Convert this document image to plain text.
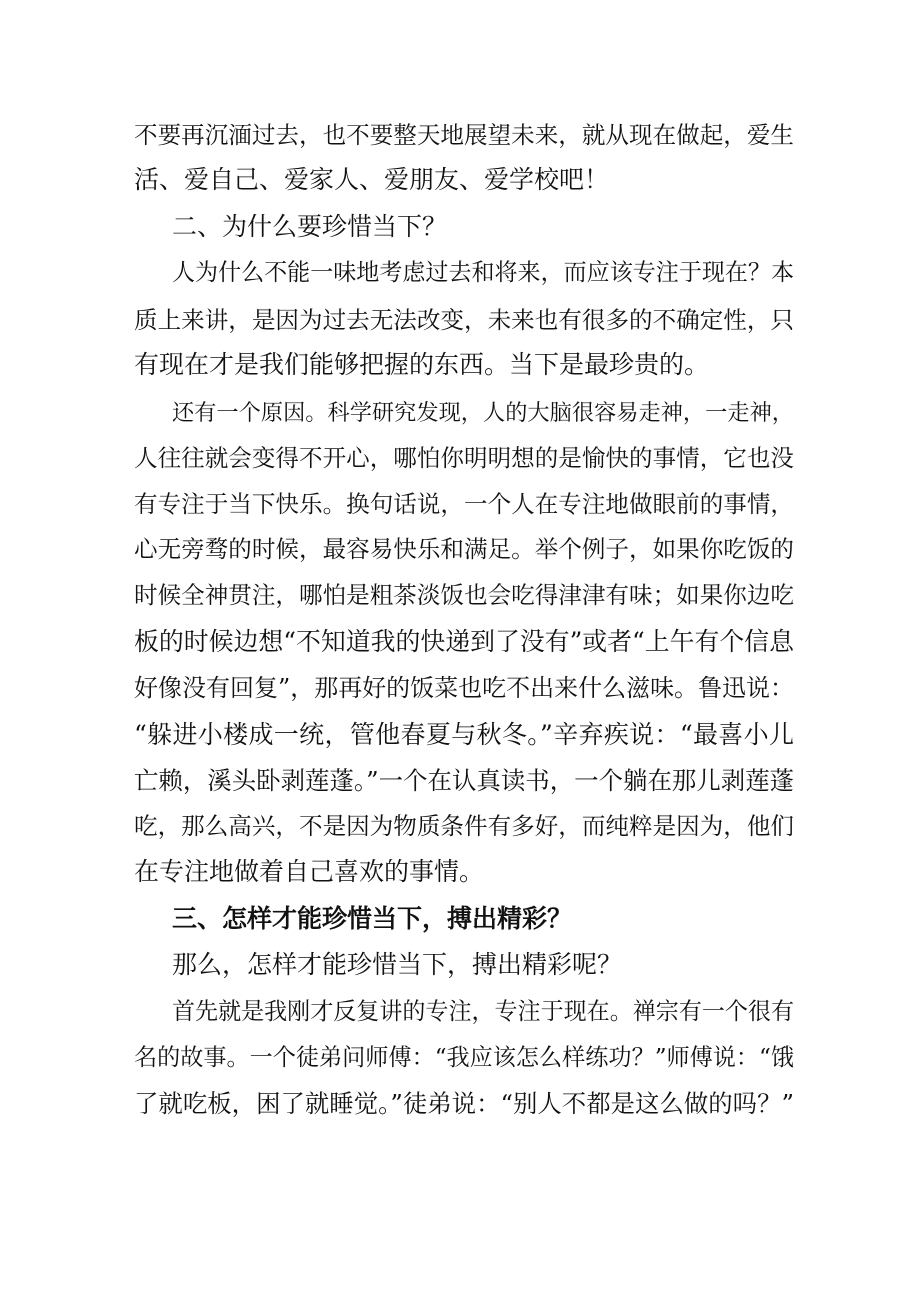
不要再沉湎过去，也不要整天地展望未来，就从现在做起，爱生
活、爱自己、爱家人、爱朋友、爱学校吧！
二、为什么要珍惜当下？
人为什么不能一味地考虑过去和将来，而应该专注于现在？本
质上来讲，是因为过去无法改变，未来也有很多的不确定性，只
有现在才是我们能够把握的东西。当下是最珍贵的。
还有一个原因。科学研究发现，人的大脑很容易走神，一走神，
人往往就会变得不开心，哪怕你明明想的是愉快的事情，它也没
有专注于当下快乐。换句话说，一个人在专注地做眼前的事情，
心无旁骛的时候，最容易快乐和满足。举个例子，如果你吃饭的
时候全神贯注，哪怕是粗茶淡饭也会吃得津津有味；如果你边吃
板的时候边想“不知道我的快递到了没有”或者“上午有个信息
好像没有回复”，那再好的饭菜也吃不出来什么滋味。鲁迅说：
“躲进小楼成一统，管他春夏与秋冬。”辛弃疾说：“最喜小儿
亡赖，溪头卧剥莲蓬。”一个在认真读书，一个躺在那儿剥莲蓬
吃，那么高兴，不是因为物质条件有多好，而纯粹是因为，他们
在专注地做着自己喜欢的事情。
三、怎样才能珍惜当下，搏出精彩？
那么，怎样才能珍惜当下，搏出精彩呢？
首先就是我刚才反复讲的专注，专注于现在。禅宗有一个很有
名的故事。一个徒弟问师傅：“我应该怎么样练功？”师傅说：“饿
了就吃板，困了就睡觉。”徒弟说：“别人不都是这么做的吗？”
